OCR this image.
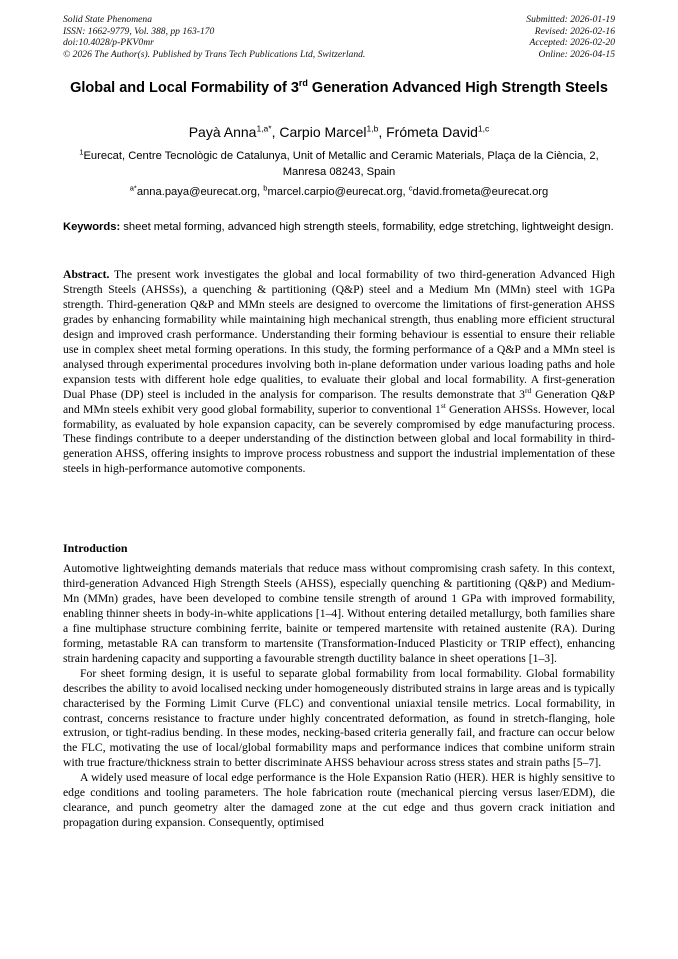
Solid State Phenomena
ISSN: 1662-9779, Vol. 388, pp 163-170
doi:10.4028/p-PKV0mr
© 2026 The Author(s). Published by Trans Tech Publications Ltd, Switzerland.
Submitted: 2026-01-19
Revised: 2026-02-16
Accepted: 2026-02-20
Online: 2026-04-15
Global and Local Formability of 3rd Generation Advanced High Strength Steels
Payà Anna$^{1,a*}$, Carpio Marcel$^{1,b}$, Frómeta David$^{1,c}$
$^1$Eurecat, Centre Tecnològic de Catalunya, Unit of Metallic and Ceramic Materials, Plaça de la Ciència, 2, Manresa 08243, Spain
$^{a*}$anna.paya@eurecat.org, $^b$marcel.carpio@eurecat.org, $^c$david.frometa@eurecat.org
Keywords: sheet metal forming, advanced high strength steels, formability, edge stretching, lightweight design.
Abstract. The present work investigates the global and local formability of two third-generation Advanced High Strength Steels (AHSSs), a quenching & partitioning (Q&P) steel and a Medium Mn (MMn) steel with 1GPa strength. Third-generation Q&P and MMn steels are designed to overcome the limitations of first-generation AHSS grades by enhancing formability while maintaining high mechanical strength, thus enabling more efficient structural design and improved crash performance. Understanding their forming behaviour is essential to ensure their reliable use in complex sheet metal forming operations. In this study, the forming performance of a Q&P and a MMn steel is analysed through experimental procedures involving both in-plane deformation under various loading paths and hole expansion tests with different hole edge qualities, to evaluate their global and local formability. A first-generation Dual Phase (DP) steel is included in the analysis for comparison. The results demonstrate that 3rd Generation Q&P and MMn steels exhibit very good global formability, superior to conventional 1st Generation AHSSs. However, local formability, as evaluated by hole expansion capacity, can be severely compromised by edge manufacturing process. These findings contribute to a deeper understanding of the distinction between global and local formability in third-generation AHSS, offering insights to improve process robustness and support the industrial implementation of these steels in high-performance automotive components.
Introduction

Automotive lightweighting demands materials that reduce mass without compromising crash safety. In this context, third-generation Advanced High Strength Steels (AHSS), especially quenching & partitioning (Q&P) and Medium-Mn (MMn) grades, have been developed to combine tensile strength of around 1 GPa with improved formability, enabling thinner sheets in body-in-white applications [1–4]. Without entering detailed metallurgy, both families share a fine multiphase structure combining ferrite, bainite or tempered martensite with retained austenite (RA). During forming, metastable RA can transform to martensite (Transformation-Induced Plasticity or TRIP effect), enhancing strain hardening capacity and supporting a favourable strength ductility balance in sheet operations [1–3].

For sheet forming design, it is useful to separate global formability from local formability. Global formability describes the ability to avoid localised necking under homogeneously distributed strains in large areas and is typically characterised by the Forming Limit Curve (FLC) and conventional uniaxial tensile metrics. Local formability, in contrast, concerns resistance to fracture under highly concentrated deformation, as found in stretch-flanging, hole extrusion, or tight-radius bending. In these modes, necking-based criteria generally fail, and fracture can occur below the FLC, motivating the use of local/global formability maps and performance indices that combine uniform strain with true fracture/thickness strain to better discriminate AHSS behaviour across stress states and strain paths [5–7].

A widely used measure of local edge performance is the Hole Expansion Ratio (HER). HER is highly sensitive to edge conditions and tooling parameters. The hole fabrication route (mechanical piercing versus laser/EDM), die clearance, and punch geometry alter the damaged zone at the cut edge and thus govern crack initiation and propagation during expansion. Consequently, optimised
